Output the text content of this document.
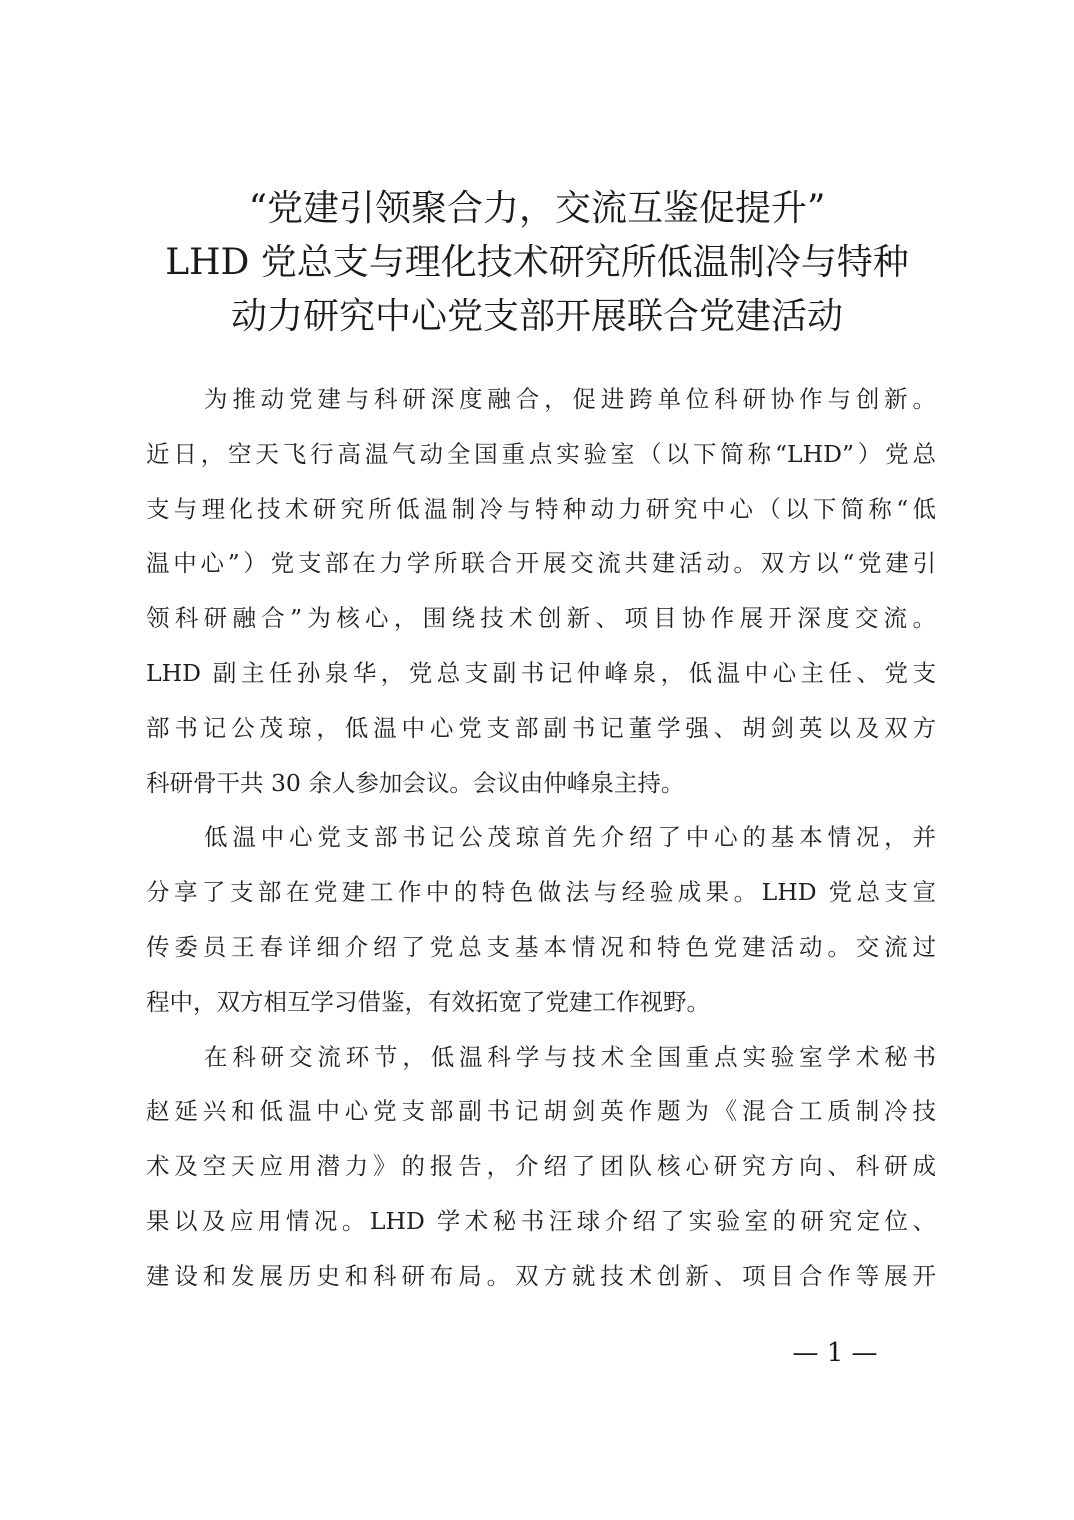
“党建引领聚合力，交流互鉴促提升”
LHD 党总支与理化技术研究所低温制冷与特种
动力研究中心党支部开展联合党建活动
为推动党建与科研深度融合，促进跨单位科研协作与创新。
近日，空天飞行高温气动全国重点实验室（以下简称“LHD”）党总
支与理化技术研究所低温制冷与特种动力研究中心（以下简称“低
温中心”）党支部在力学所联合开展交流共建活动。双方以“党建引
领科研融合”为核心，围绕技术创新、项目协作展开深度交流。
LHD 副主任孙泉华，党总支副书记仲峰泉，低温中心主任、党支
部书记公茂琼，低温中心党支部副书记董学强、胡剑英以及双方
科研骨干共 30 余人参加会议。会议由仲峰泉主持。
低温中心党支部书记公茂琼首先介绍了中心的基本情况，并
分享了支部在党建工作中的特色做法与经验成果。LHD 党总支宣
传委员王春详细介绍了党总支基本情况和特色党建活动。交流过
程中，双方相互学习借鉴，有效拓宽了党建工作视野。
在科研交流环节，低温科学与技术全国重点实验室学术秘书
赵延兴和低温中心党支部副书记胡剑英作题为《混合工质制冷技
术及空天应用潜力》的报告，介绍了团队核心研究方向、科研成
果以及应用情况。LHD 学术秘书汪球介绍了实验室的研究定位、
建设和发展历史和科研布局。双方就技术创新、项目合作等展开
— 1 —
